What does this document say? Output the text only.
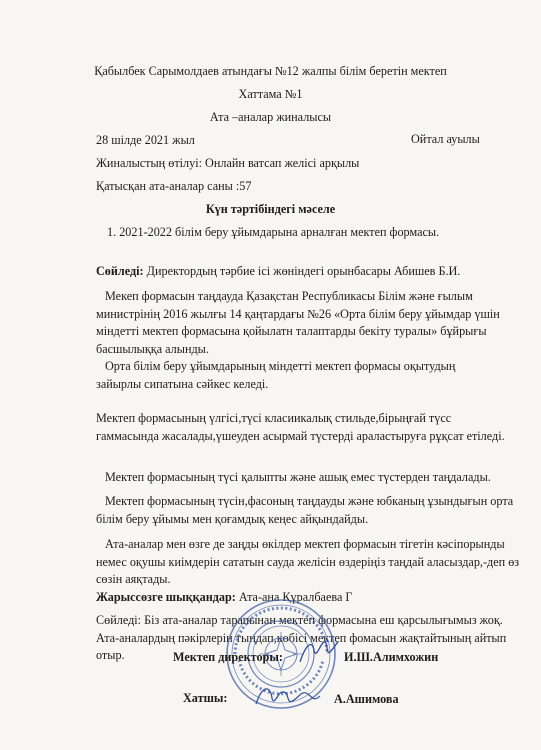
Қабылбек Сарымолдаев атындағы №12 жалпы білім беретін мектеп
Хаттама №1
Ата –аналар жиналысы
28 шілде 2021 жыл	Ойтал ауылы
Жиналыстың өтілуі: Онлайн ватсап желісі арқылы
Қатысқан ата-аналар саны :57
Күн тәртібіндегі мәселе
1. 2021-2022 білім беру ұйымдарына арналған мектеп формасы.
Сөйледі: Директордың тәрбие ісі жөніндегі орынбасары Абишев Б.И.
Мекеп формасын таңдауда Қазақстан Республикасы Білім және ғылым министрінің 2016 жылғы 14 қаңтардағы №26 «Орта білім беру ұйымдар үшін міндетті мектеп формасына қойылатн талаптарды бекіту туралы» бұйрығы басшылыққа алынды.
Орта білім беру ұйымдарының міндетті мектеп формасы оқытудың зайырлы сипатына сәйкес келеді.
Мектеп формасының үлгісі,түсі класиикалық стильде,бірыңғай түсс гаммасында жасалады,үшеуден асырмай түстерді араластыруға рұқсат етіледі.
Мектеп формасының түсі қалыпты және ашық емес түстерден таңдалады.
Мектеп формасының түсін,фасоның таңдауды және юбканың ұзындығын орта білім беру ұйымы мен қоғамдық кеңес айқындайды.
Ата-аналар мен өзге де заңды өкілдер мектеп формасын тігетін кәсіпорынды немес оқушы киімдерін сататын сауда желісін өздеріңіз таңдай аласыздар,-деп өз сөзін аяқтады.
Жарыссөзге шыққандар: Ата-ана Құралбаева Г
Сөйледі: Біз ата-аналар тарапынан мектеп формасына еш қарсылығымыз жоқ. Ата-аналардың пәкірлерін тыңдап,көбісі мектеп фомасын жақтайтының айтып отыр.	Мектеп директоры:	И.Ш.Алимхожин
Хатшы:	А.Ашимова
